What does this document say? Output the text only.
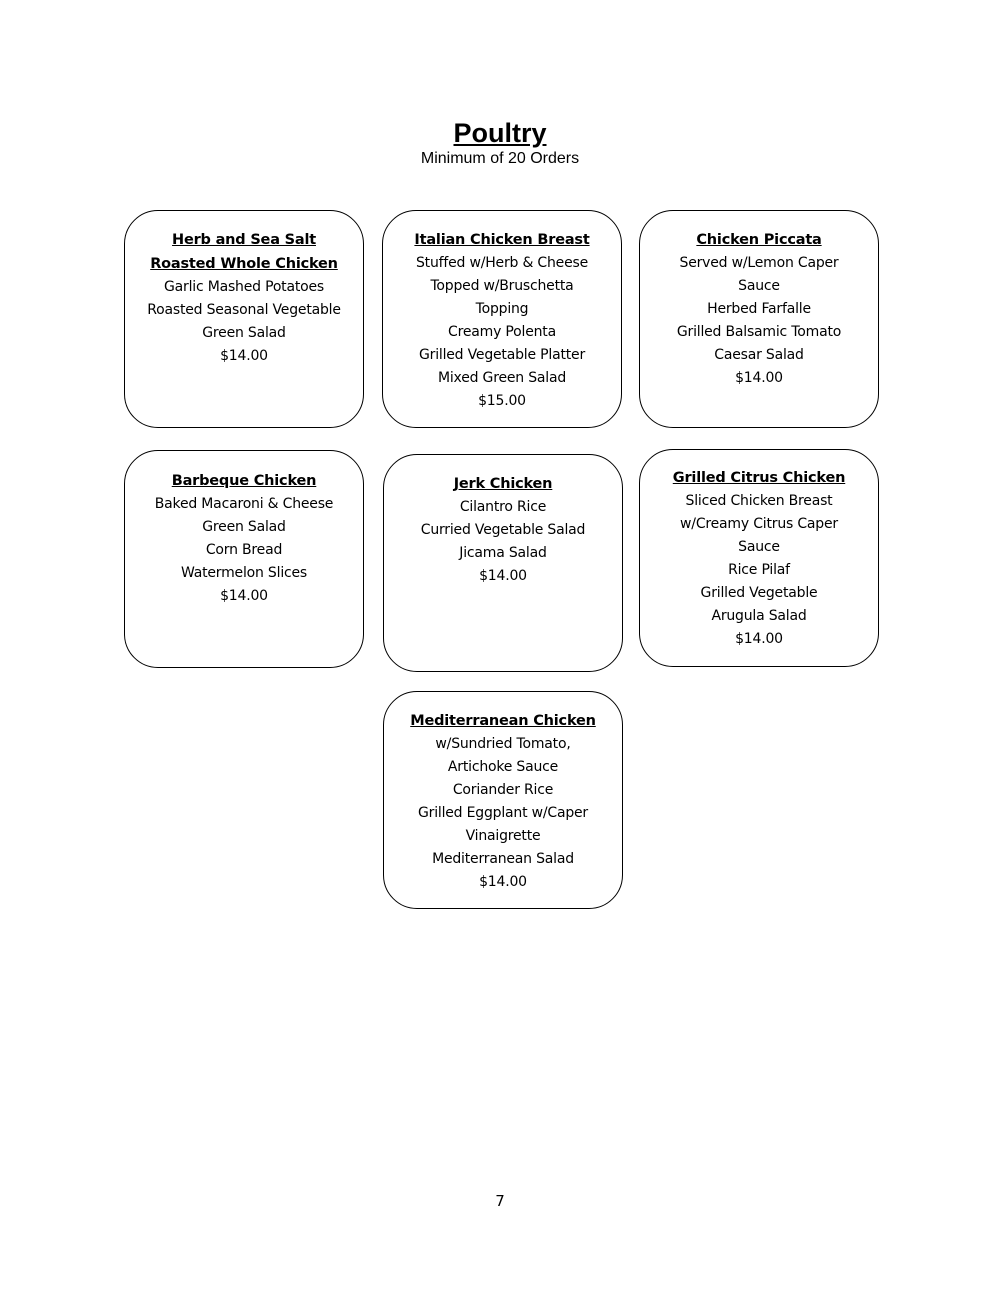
Poultry
Minimum of 20 Orders
Herb and Sea Salt
Roasted Whole Chicken
Garlic Mashed Potatoes
Roasted Seasonal Vegetable
Green Salad
$14.00
Italian Chicken Breast
Stuffed w/Herb & Cheese
Topped w/Bruschetta
Topping
Creamy Polenta
Grilled Vegetable Platter
Mixed Green Salad
$15.00
Chicken Piccata
Served w/Lemon Caper
Sauce
Herbed Farfalle
Grilled Balsamic Tomato
Caesar Salad
$14.00
Barbeque Chicken
Baked Macaroni & Cheese
Green Salad
Corn Bread
Watermelon Slices
$14.00
Jerk Chicken
Cilantro Rice
Curried Vegetable Salad
Jicama Salad
$14.00
Grilled Citrus Chicken
Sliced Chicken Breast
w/Creamy Citrus Caper
Sauce
Rice Pilaf
Grilled Vegetable
Arugula Salad
$14.00
Mediterranean Chicken
w/Sundried Tomato,
Artichoke Sauce
Coriander Rice
Grilled Eggplant w/Caper
Vinaigrette
Mediterranean Salad
$14.00
7
